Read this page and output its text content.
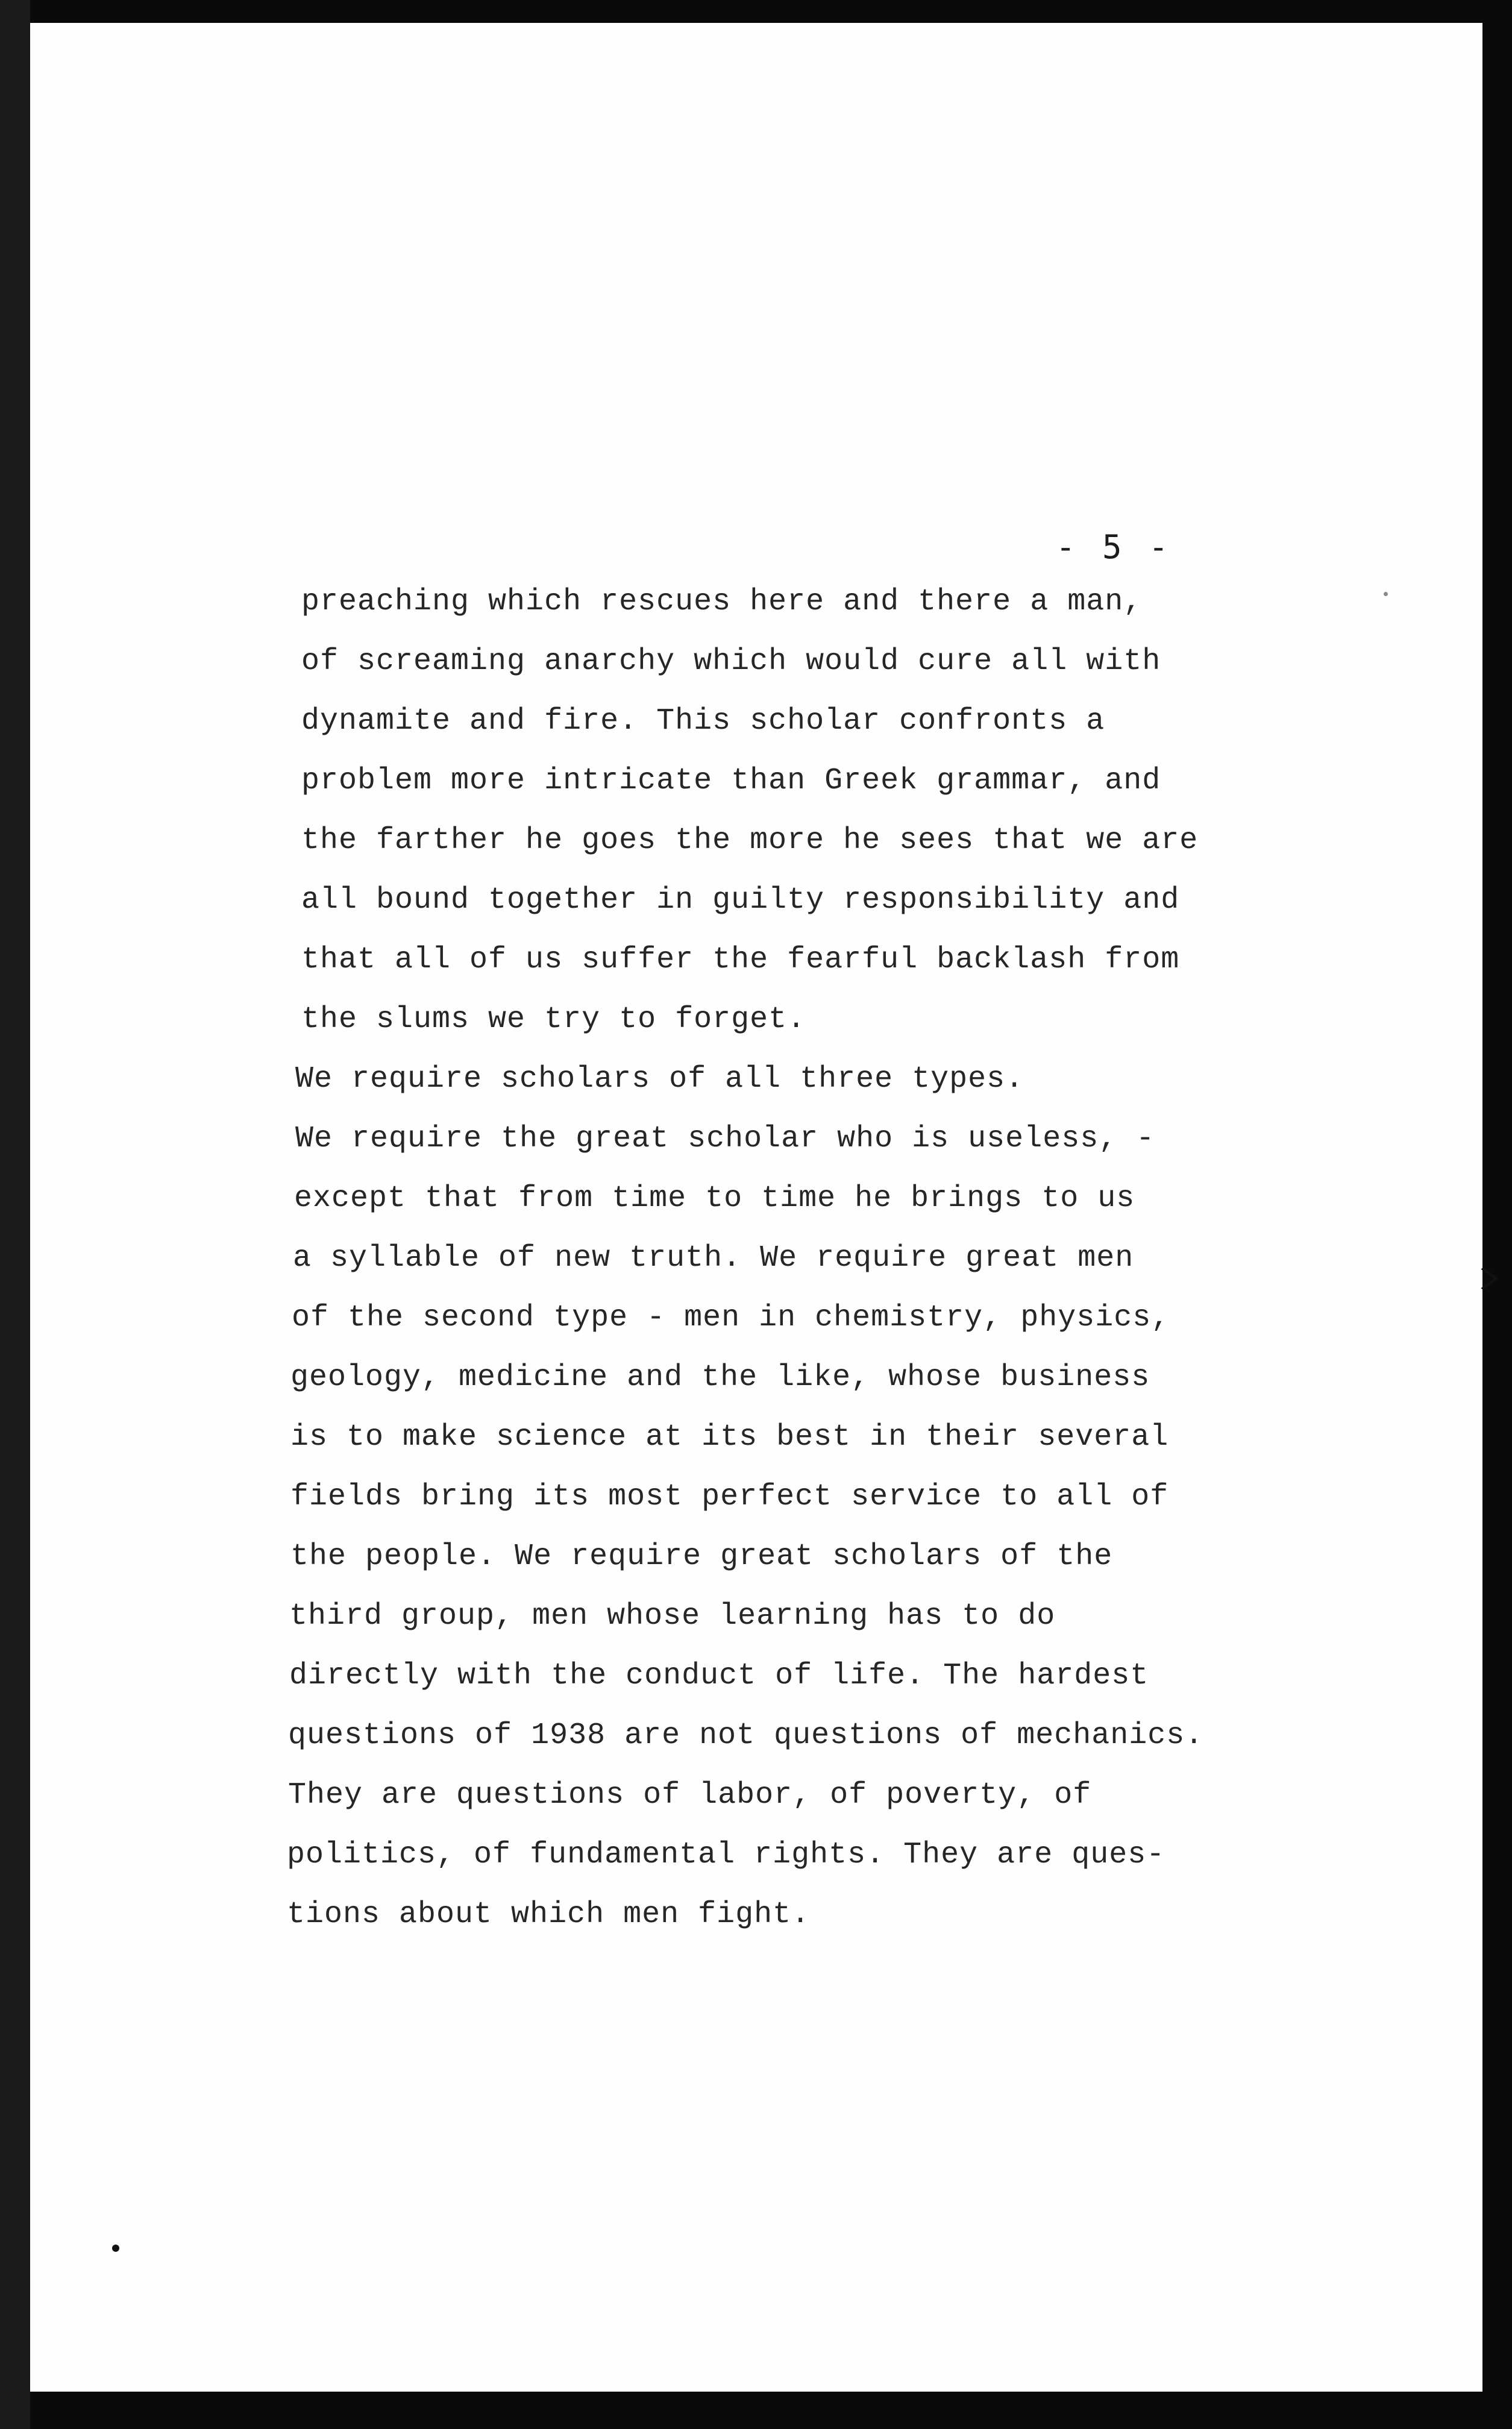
- 5 -
preaching which rescues here and there a man,
of screaming anarchy which would cure all with
dynamite and fire. This scholar confronts a
problem more intricate than Greek grammar, and
the farther he goes the more he sees that we are
all bound together in guilty responsibility and
that all of us suffer the fearful backlash from
the slums we try to forget.
We require scholars of all three types.
We require the great scholar who is useless, -
except that from time to time he brings to us
a syllable of new truth. We require great men
of the second type - men in chemistry, physics,
geology, medicine and the like, whose business
is to make science at its best in their several
fields bring its most perfect service to all of
the people. We require great scholars of the
third group, men whose learning has to do
directly with the conduct of life. The hardest
questions of 1938 are not questions of mechanics.
They are questions of labor, of poverty, of
politics, of fundamental rights. They are ques-
tions about which men fight.
